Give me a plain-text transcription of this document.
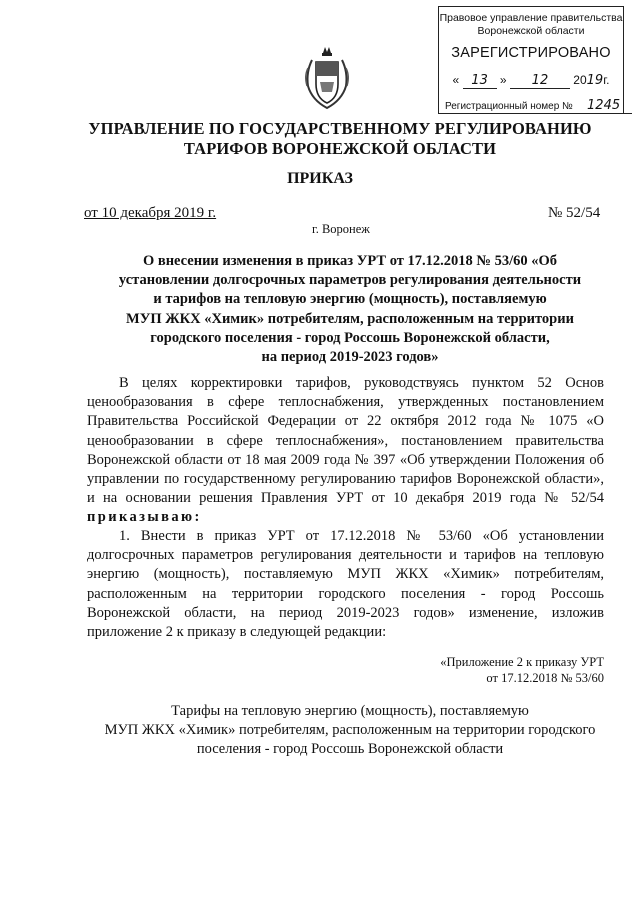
Правовое управление правительства
Воронежской области
ЗАРЕГИСТРИРОВАНО
« 13 » 12 2019г.
Регистрационный номер № 1245
УПРАВЛЕНИЕ ПО ГОСУДАРСТВЕННОМУ РЕГУЛИРОВАНИЮ
ТАРИФОВ ВОРОНЕЖСКОЙ ОБЛАСТИ
ПРИКАЗ
от 10 декабря 2019 г.	№ 52/54
г. Воронеж
О внесении изменения в приказ УРТ от 17.12.2018 № 53/60 «Об
установлении долгосрочных параметров регулирования деятельности
и тарифов на тепловую энергию (мощность), поставляемую
МУП ЖКХ «Химик» потребителям, расположенным на территории
городского поселения - город Россошь Воронежской области,
на период 2019-2023 годов»
В целях корректировки тарифов, руководствуясь пунктом 52 Основ ценообразования в сфере теплоснабжения, утвержденных постановлением Правительства Российской Федерации от 22 октября 2012 года № 1075 «О ценообразовании в сфере теплоснабжения», постановлением правительства Воронежской области от 18 мая 2009 года № 397 «Об утверждении Положения об управлении по государственному регулированию тарифов Воронежской области», и на основании решения Правления УРТ от 10 декабря 2019 года № 52/54 приказываю:
1. Внести в приказ УРТ от 17.12.2018 № 53/60 «Об установлении долгосрочных параметров регулирования деятельности и тарифов на тепловую энергию (мощность), поставляемую МУП ЖКХ «Химик» потребителям, расположенным на территории городского поселения - город Россошь Воронежской области, на период 2019-2023 годов» изменение, изложив приложение 2 к приказу в следующей редакции:
«Приложение 2 к приказу УРТ
от 17.12.2018 № 53/60
Тарифы на тепловую энергию (мощность), поставляемую
МУП ЖКХ «Химик» потребителям, расположенным на территории городского
поселения - город Россошь Воронежской области
